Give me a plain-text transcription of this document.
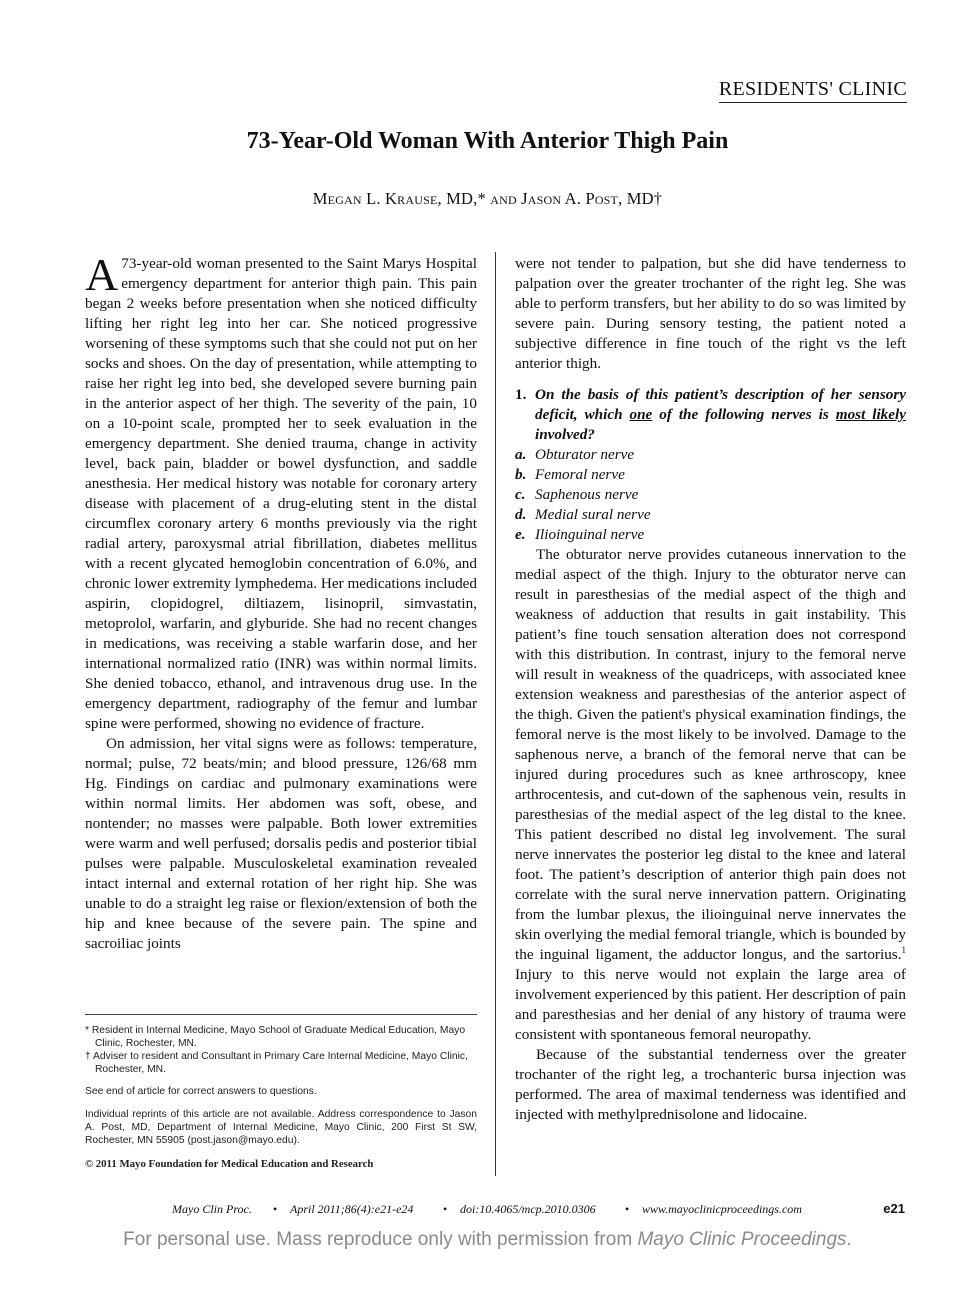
RESIDENTS' CLINIC
73-Year-Old Woman With Anterior Thigh Pain
Megan L. Krause, MD,* and Jason A. Post, MD†

A 73-year-old woman presented to the Saint Marys Hospital emergency department for anterior thigh pain. This pain began 2 weeks before presentation when she noticed difficulty lifting her right leg into her car. She noticed progressive worsening of these symptoms such that she could not put on her socks and shoes. On the day of presentation, while attempting to raise her right leg into bed, she developed severe burning pain in the anterior aspect of her thigh. The severity of the pain, 10 on a 10-point scale, prompted her to seek evaluation in the emergency department. She denied trauma, change in activity level, back pain, bladder or bowel dysfunction, and saddle anesthesia. Her medical history was notable for coronary artery disease with placement of a drug-eluting stent in the distal circumflex coronary artery 6 months previously via the right radial artery, paroxysmal atrial fibrillation, diabetes mellitus with a recent glycated hemoglobin concentration of 6.0%, and chronic lower extremity lymphedema. Her medications included aspirin, clopidogrel, diltiazem, lisinopril, simvastatin, metoprolol, warfarin, and glyburide. She had no recent changes in medications, was receiving a stable warfarin dose, and her international normalized ratio (INR) was within normal limits. She denied tobacco, ethanol, and intravenous drug use. In the emergency department, radiography of the femur and lumbar spine were performed, showing no evidence of fracture.

On admission, her vital signs were as follows: temperature, normal; pulse, 72 beats/min; and blood pressure, 126/68 mm Hg. Findings on cardiac and pulmonary examinations were within normal limits. Her abdomen was soft, obese, and nontender; no masses were palpable. Both lower extremities were warm and well perfused; dorsalis pedis and posterior tibial pulses were palpable. Musculoskeletal examination revealed intact internal and external rotation of her right hip. She was unable to do a straight leg raise or flexion/extension of both the hip and knee because of the severe pain. The spine and sacroiliac joints

were not tender to palpation, but she did have tenderness to palpation over the greater trochanter of the right leg. She was able to perform transfers, but her ability to do so was limited by severe pain. During sensory testing, the patient noted a subjective difference in fine touch of the right vs the left anterior thigh.

1. On the basis of this patient’s description of her sensory deficit, which one of the following nerves is most likely involved?
a. Obturator nerve
b. Femoral nerve
c. Saphenous nerve
d. Medial sural nerve
e. Ilioinguinal nerve

The obturator nerve provides cutaneous innervation to the medial aspect of the thigh. Injury to the obturator nerve can result in paresthesias of the medial aspect of the thigh and weakness of adduction that results in gait instability. This patient’s fine touch sensation alteration does not correspond with this distribution. In contrast, injury to the femoral nerve will result in weakness of the quadriceps, with associated knee extension weakness and paresthesias of the anterior aspect of the thigh. Given the patient's physical examination findings, the femoral nerve is the most likely to be involved. Damage to the saphenous nerve, a branch of the femoral nerve that can be injured during procedures such as knee arthroscopy, knee arthrocentesis, and cut-down of the saphenous vein, results in paresthesias of the medial aspect of the leg distal to the knee. This patient described no distal leg involvement. The sural nerve innervates the posterior leg distal to the knee and lateral foot. The patient’s description of anterior thigh pain does not correlate with the sural nerve innervation pattern. Originating from the lumbar plexus, the ilioinguinal nerve innervates the skin overlying the medial femoral triangle, which is bounded by the inguinal ligament, the adductor longus, and the sartorius.$^1$ Injury to this nerve would not explain the large area of involvement experienced by this patient. Her description of pain and paresthesias and her denial of any history of trauma were consistent with spontaneous femoral neuropathy.

Because of the substantial tenderness over the greater trochanter of the right leg, a trochanteric bursa injection was performed. The area of maximal tenderness was identified and injected with methylprednisolone and lidocaine.

* Resident in Internal Medicine, Mayo School of Graduate Medical Education, Mayo Clinic, Rochester, MN.

† Adviser to resident and Consultant in Primary Care Internal Medicine, Mayo Clinic, Rochester, MN.

See end of article for correct answers to questions.

Individual reprints of this article are not available. Address correspondence to Jason A. Post, MD, Department of Internal Medicine, Mayo Clinic, 200 First St SW, Rochester, MN 55905 (post.jason@mayo.edu).

© 2011 Mayo Foundation for Medical Education and Research

Mayo Clin Proc. • April 2011;86(4):e21-e24 • doi:10.4065/mcp.2010.0306 • www.mayoclinicproceedings.com	e21
For personal use. Mass reproduce only with permission from Mayo Clinic Proceedings.
